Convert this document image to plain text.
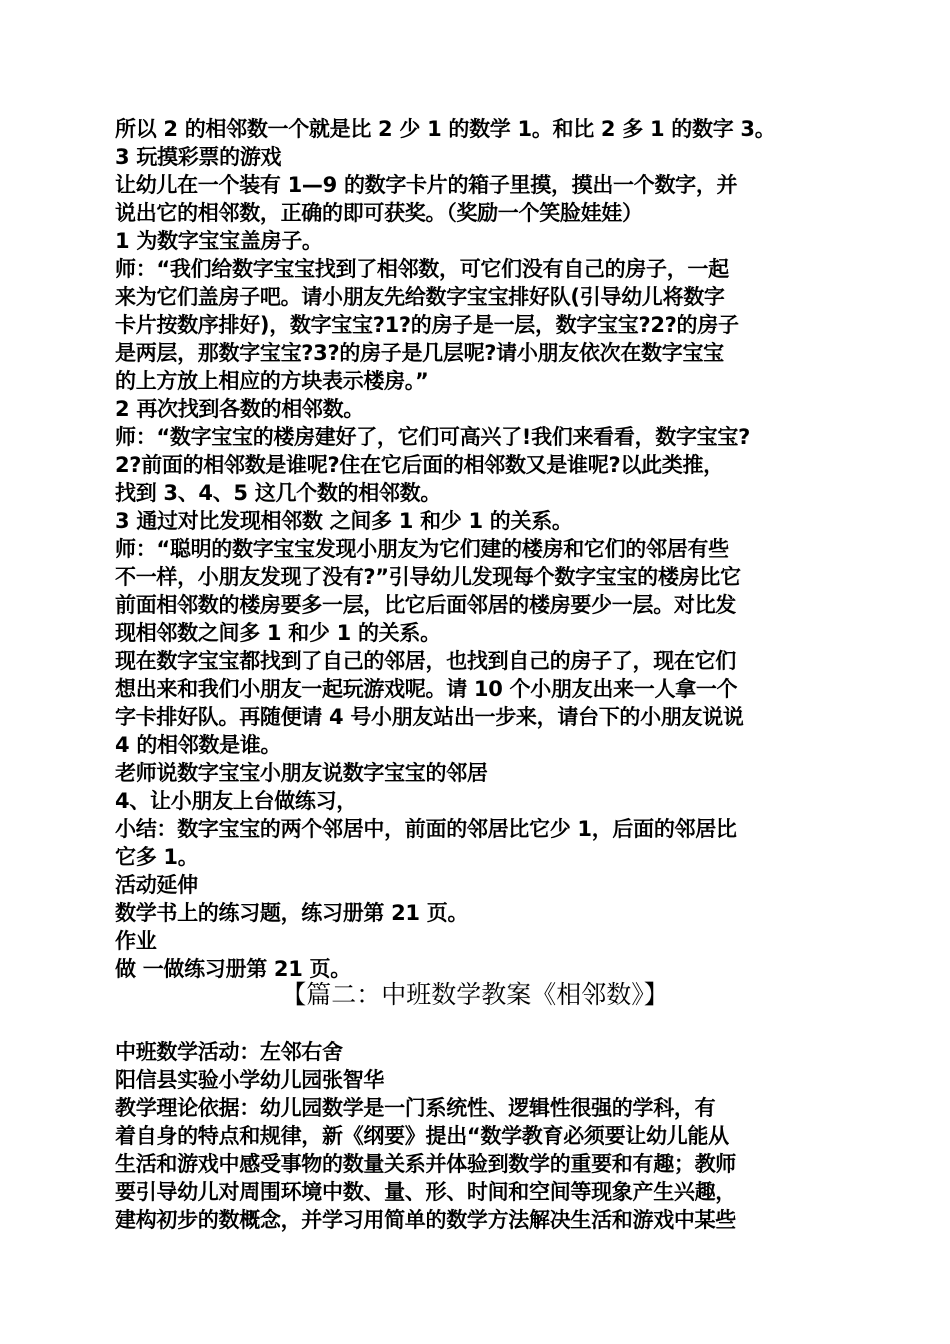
所以 2 的相邻数一个就是比 2 少 1 的数学 1。和比 2 多 1 的数字 3。
3 玩摸彩票的游戏
让幼儿在一个装有 1—9 的数字卡片的箱子里摸，摸出一个数字，并
说出它的相邻数，正确的即可获奖。（奖励一个笑脸娃娃）
1 为数字宝宝盖房子。
师：“我们给数字宝宝找到了相邻数，可它们没有自己的房子，一起
来为它们盖房子吧。请小朋友先给数字宝宝排好队(引导幼儿将数字
卡片按数序排好)，数字宝宝?1?的房子是一层，数字宝宝?2?的房子
是两层，那数字宝宝?3?的房子是几层呢?请小朋友依次在数字宝宝
的上方放上相应的方块表示楼房。”
2 再次找到各数的相邻数。
师：“数字宝宝的楼房建好了，它们可高兴了!我们来看看，数字宝宝?
2?前面的相邻数是谁呢?住在它后面的相邻数又是谁呢?以此类推，
找到 3、4、5 这几个数的相邻数。
3 通过对比发现相邻数 之间多 1 和少 1 的关系。
师：“聪明的数字宝宝发现小朋友为它们建的楼房和它们的邻居有些
不一样，小朋友发现了没有?”引导幼儿发现每个数字宝宝的楼房比它
前面相邻数的楼房要多一层，比它后面邻居的楼房要少一层。对比发
现相邻数之间多 1 和少 1 的关系。
现在数字宝宝都找到了自己的邻居，也找到自己的房子了，现在它们
想出来和我们小朋友一起玩游戏呢。请 10 个小朋友出来一人拿一个
字卡排好队。再随便请 4 号小朋友站出一步来，请台下的小朋友说说
4 的相邻数是谁。
老师说数字宝宝小朋友说数字宝宝的邻居
4、让小朋友上台做练习，
小结：数字宝宝的两个邻居中，前面的邻居比它少 1，后面的邻居比
它多 1。
活动延伸
数学书上的练习题，练习册第 21 页。
作业
做 一做练习册第 21 页。
【篇二：中班数学教案《相邻数》】
中班数学活动：左邻右舍
阳信县实验小学幼儿园张智华
教学理论依据：幼儿园数学是一门系统性、逻辑性很强的学科，有
着自身的特点和规律，新《纲要》提出“数学教育必须要让幼儿能从
生活和游戏中感受事物的数量关系并体验到数学的重要和有趣；教师
要引导幼儿对周围环境中数、量、形、时间和空间等现象产生兴趣，
建构初步的数概念，并学习用简单的数学方法解决生活和游戏中某些
